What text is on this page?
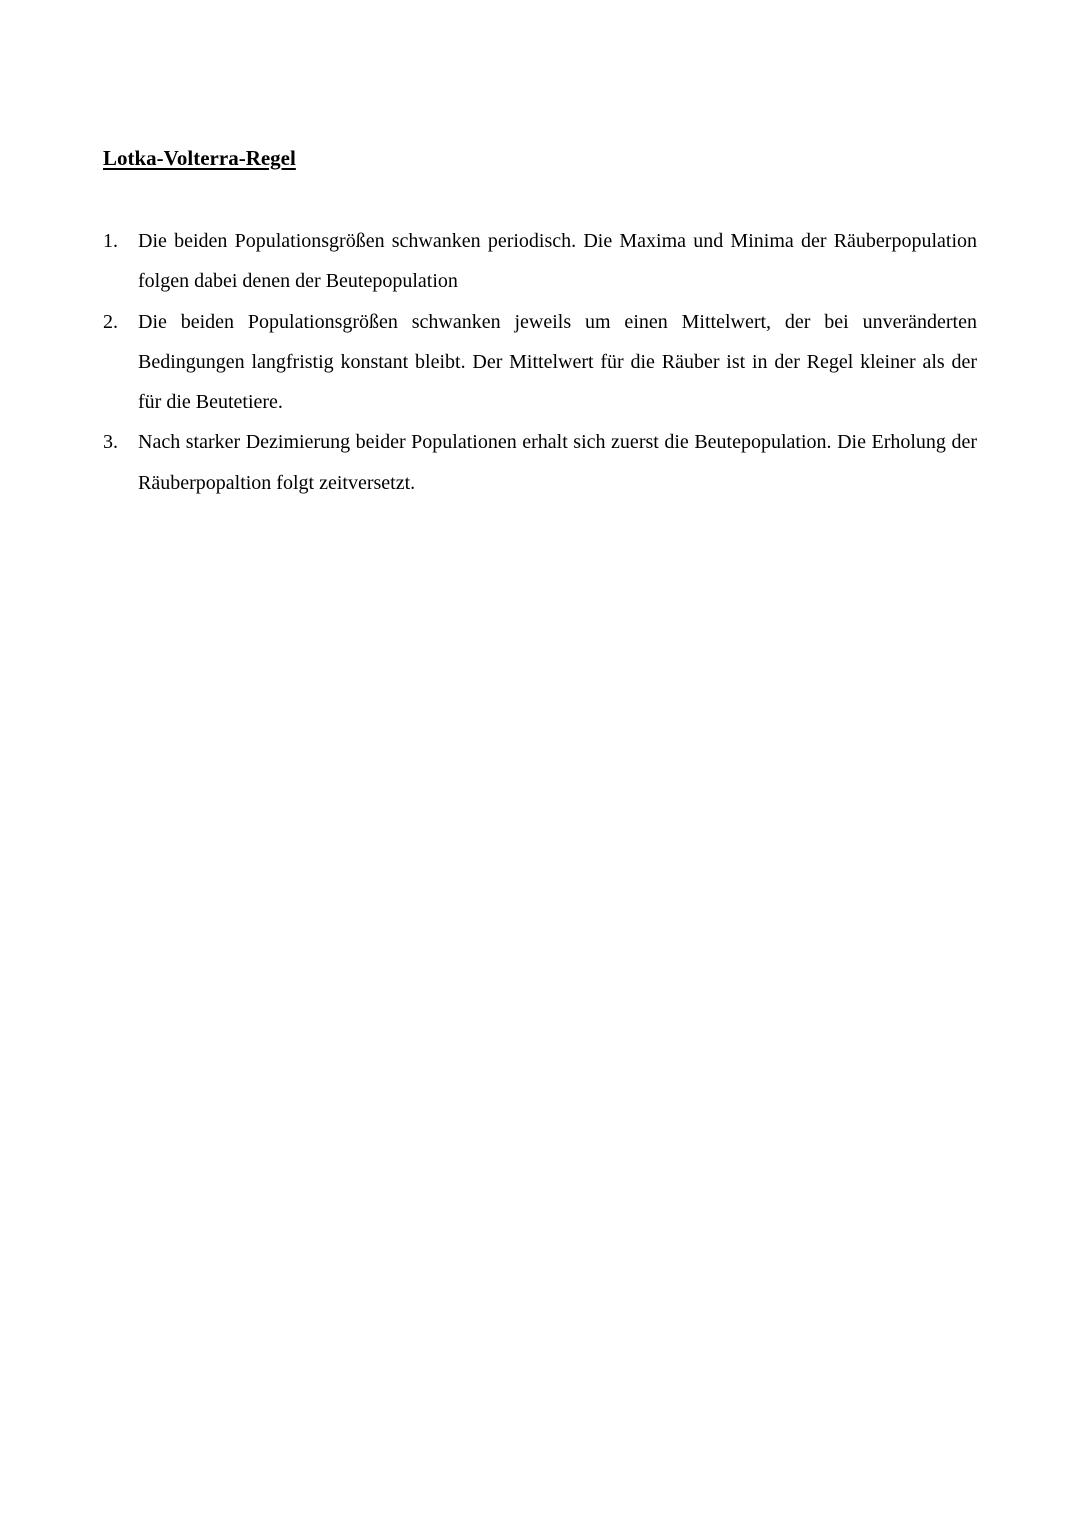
Lotka-Volterra-Regel
1.	Die beiden Populationsgrößen schwanken periodisch. Die Maxima und Minima der Räuberpopulation folgen dabei denen der Beutepopulation
2.	Die beiden Populationsgrößen schwanken jeweils um einen Mittelwert, der bei unveränderten Bedingungen langfristig konstant bleibt. Der Mittelwert für die Räuber ist in der Regel kleiner als der für die Beutetiere.
3.	Nach starker Dezimierung beider Populationen erhalt sich zuerst die Beutepopulation. Die Erholung der Räuberpopaltion folgt zeitversetzt.
